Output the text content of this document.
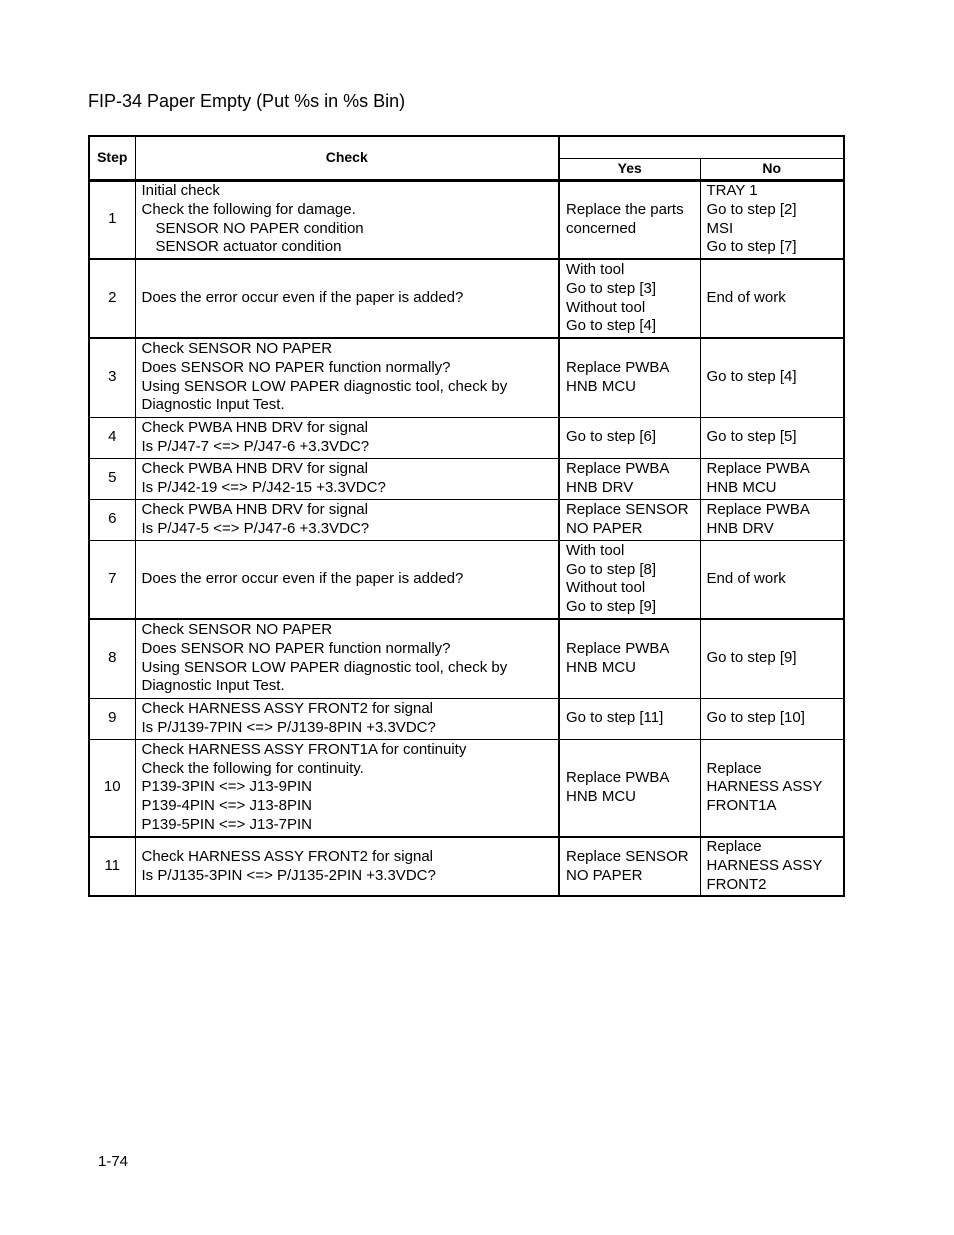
FIP-34 Paper Empty (Put %s in %s Bin)
Step	Check		
		Yes	No
1	Initial check
Check the following for damage.
SENSOR NO PAPER condition
SENSOR actuator condition	Replace the parts
concerned	TRAY 1
Go to step [2]
MSI
Go to step [7]

2	Does the error occur even if the paper is added?	With tool
Go to step [3]
Without tool
Go to step [4]	End of work

3	Check SENSOR NO PAPER
Does SENSOR NO PAPER function normally?
Using SENSOR LOW PAPER diagnostic tool, check by
Diagnostic Input Test.	Replace PWBA
HNB MCU	Go to step [4]

4	Check PWBA HNB DRV for signal
Is P/J47-7 <=> P/J47-6 +3.3VDC?	Go to step [6]	Go to step [5]

5	Check PWBA HNB DRV for signal
Is P/J42-19 <=> P/J42-15 +3.3VDC?	Replace PWBA
HNB DRV	Replace PWBA
HNB MCU

6	Check PWBA HNB DRV for signal
Is P/J47-5 <=> P/J47-6 +3.3VDC?	Replace SENSOR
NO PAPER	Replace PWBA
HNB DRV

7	Does the error occur even if the paper is added?	With tool
Go to step [8]
Without tool
Go to step [9]	End of work

8	Check SENSOR NO PAPER
Does SENSOR NO PAPER function normally?
Using SENSOR LOW PAPER diagnostic tool, check by
Diagnostic Input Test.	Replace PWBA
HNB MCU	Go to step [9]

9	Check HARNESS ASSY FRONT2 for signal
Is P/J139-7PIN <=> P/J139-8PIN +3.3VDC?	Go to step [11]	Go to step [10]

10	Check HARNESS ASSY FRONT1A for continuity
Check the following for continuity.
P139-3PIN <=> J13-9PIN
P139-4PIN <=> J13-8PIN
P139-5PIN <=> J13-7PIN	Replace PWBA
HNB MCU	Replace
HARNESS ASSY
FRONT1A

11	Check HARNESS ASSY FRONT2 for signal
Is P/J135-3PIN <=> P/J135-2PIN +3.3VDC?	Replace SENSOR
NO PAPER	Replace
HARNESS ASSY
FRONT2
1-74
